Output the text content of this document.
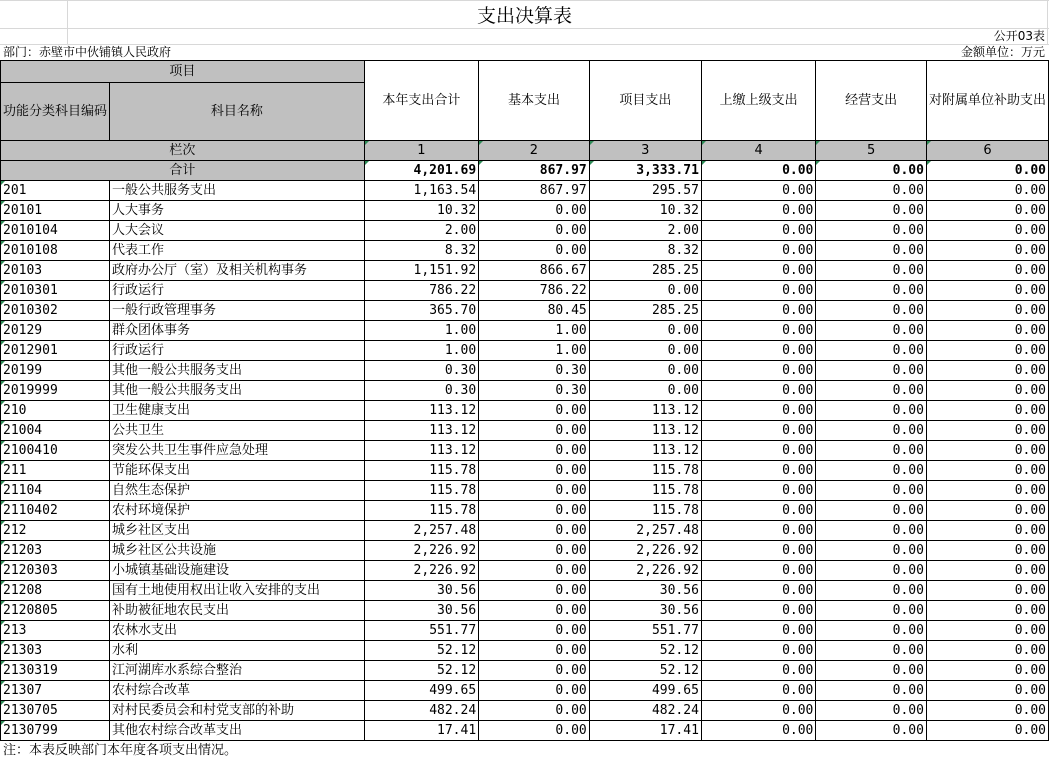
支出决算表
公开03表
部门：赤壁市中伙铺镇人民政府	金额单位：万元
项目		本年支出合计	基本支出	项目支出	上缴上级支出	经营支出	对附属单位补助支出
功能分类科目编码	科目名称						
栏次		1	2	3	4	5	6
合计		4,201.69	867.97	3,333.71	0.00	0.00	0.00
201	一般公共服务支出	1,163.54	867.97	295.57	0.00	0.00	0.00
20101	人大事务	10.32	0.00	10.32	0.00	0.00	0.00
2010104	人大会议	2.00	0.00	2.00	0.00	0.00	0.00
2010108	代表工作	8.32	0.00	8.32	0.00	0.00	0.00
20103	政府办公厅（室）及相关机构事务	1,151.92	866.67	285.25	0.00	0.00	0.00
2010301	行政运行	786.22	786.22	0.00	0.00	0.00	0.00
2010302	一般行政管理事务	365.70	80.45	285.25	0.00	0.00	0.00
20129	群众团体事务	1.00	1.00	0.00	0.00	0.00	0.00
2012901	行政运行	1.00	1.00	0.00	0.00	0.00	0.00
20199	其他一般公共服务支出	0.30	0.30	0.00	0.00	0.00	0.00
2019999	其他一般公共服务支出	0.30	0.30	0.00	0.00	0.00	0.00
210	卫生健康支出	113.12	0.00	113.12	0.00	0.00	0.00
21004	公共卫生	113.12	0.00	113.12	0.00	0.00	0.00
2100410	突发公共卫生事件应急处理	113.12	0.00	113.12	0.00	0.00	0.00
211	节能环保支出	115.78	0.00	115.78	0.00	0.00	0.00
21104	自然生态保护	115.78	0.00	115.78	0.00	0.00	0.00
2110402	农村环境保护	115.78	0.00	115.78	0.00	0.00	0.00
212	城乡社区支出	2,257.48	0.00	2,257.48	0.00	0.00	0.00
21203	城乡社区公共设施	2,226.92	0.00	2,226.92	0.00	0.00	0.00
2120303	小城镇基础设施建设	2,226.92	0.00	2,226.92	0.00	0.00	0.00
21208	国有土地使用权出让收入安排的支出	30.56	0.00	30.56	0.00	0.00	0.00
2120805	补助被征地农民支出	30.56	0.00	30.56	0.00	0.00	0.00
213	农林水支出	551.77	0.00	551.77	0.00	0.00	0.00
21303	水利	52.12	0.00	52.12	0.00	0.00	0.00
2130319	江河湖库水系综合整治	52.12	0.00	52.12	0.00	0.00	0.00
21307	农村综合改革	499.65	0.00	499.65	0.00	0.00	0.00
2130705	对村民委员会和村党支部的补助	482.24	0.00	482.24	0.00	0.00	0.00
2130799	其他农村综合改革支出	17.41	0.00	17.41	0.00	0.00	0.00
注：本表反映部门本年度各项支出情况。
